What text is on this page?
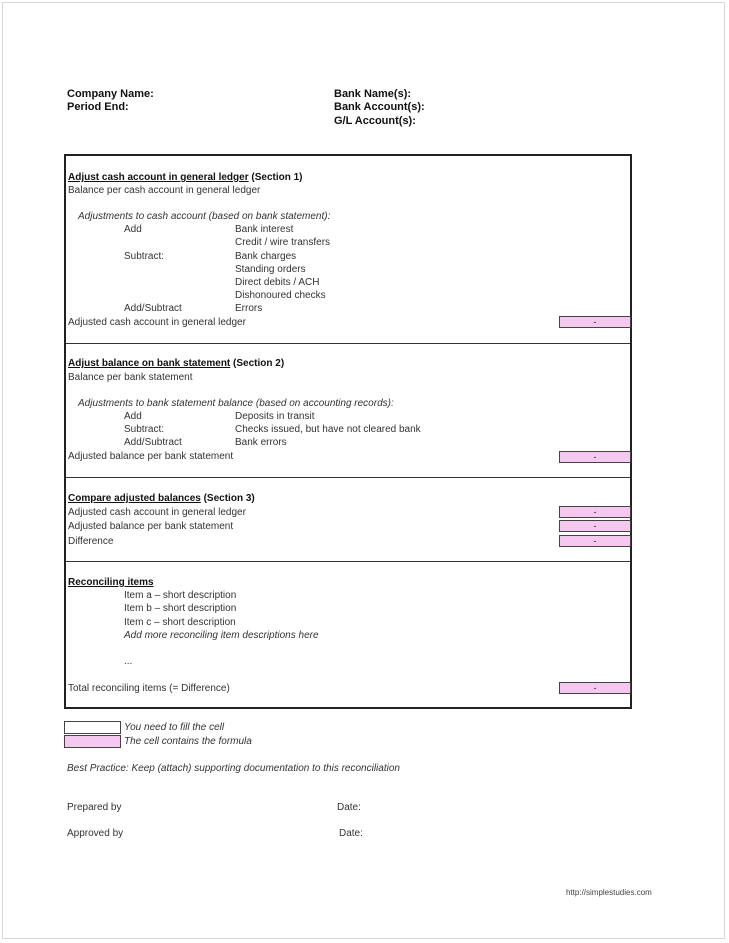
Company Name:
Period End:
Bank Name(s):
Bank Account(s):
G/L Account(s):
Adjust cash account in general ledger (Section 1)
Balance per cash account in general ledger
Adjustments to cash account (based on bank statement):
Add	Bank interest
Credit / wire transfers
Subtract:	Bank charges
Standing orders
Direct debits / ACH
Dishonoured checks
Add/Subtract	Errors
Adjusted cash account in general ledger	-
Adjust balance on bank statement (Section 2)
Balance per bank statement
Adjustments to bank statement balance (based on accounting records):
Add	Deposits in transit
Subtract:	Checks issued, but have not cleared bank
Add/Subtract	Bank errors
Adjusted balance per bank statement	-
Compare adjusted balances (Section 3)
Adjusted cash account in general ledger	-
Adjusted balance per bank statement	-
Difference	-
Reconciling items
Item a – short description
Item b – short description
Item c – short description
Add more reconciling item descriptions here
...
Total reconciling items (= Difference)	-
You need to fill the cell
The cell contains the formula
Best Practice: Keep (attach) supporting documentation to this reconciliation
Prepared by	Date:
Approved by	Date:
http://simplestudies.com
